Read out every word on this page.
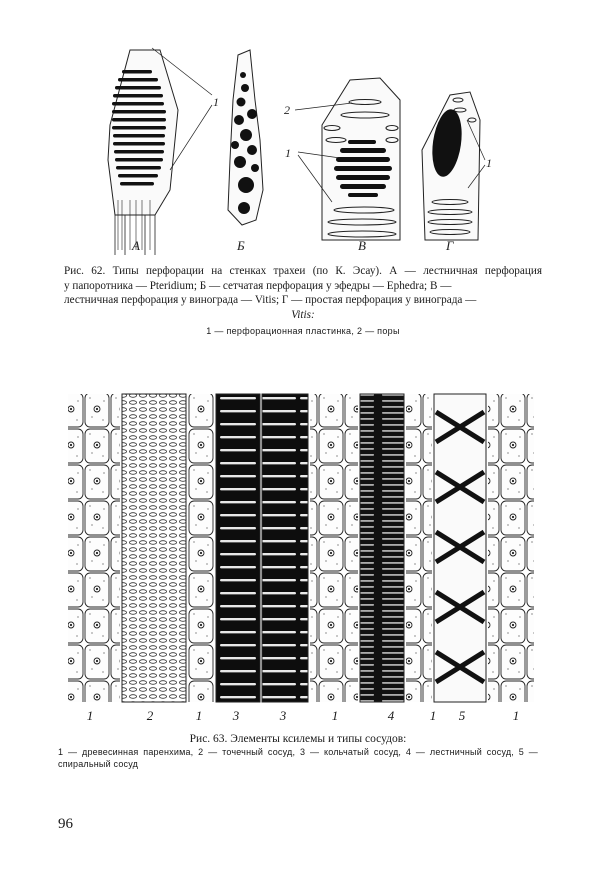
1
2
1
1
А	Б	В	Г
Рис. 62. Типы перфорации на стенках трахеи (по К. Эсау). А — лестничная перфорация
у папоротника — Pteridium; Б — сетчатая перфорация у эфедры — Ephedra; В —
лестничная перфорация у винограда — Vitis; Г — простая перфорация у винограда —
Vitis:
1 — перфорационная пластинка, 2 — поры
1	2	1 3	3	1	4	1 5	1
Рис. 63. Элементы ксилемы и типы сосудов:
1 — древесинная паренхима, 2 — точечный сосуд, 3 — кольчатый сосуд, 4 — лестничный сосуд, 5 — спиральный сосуд
96
